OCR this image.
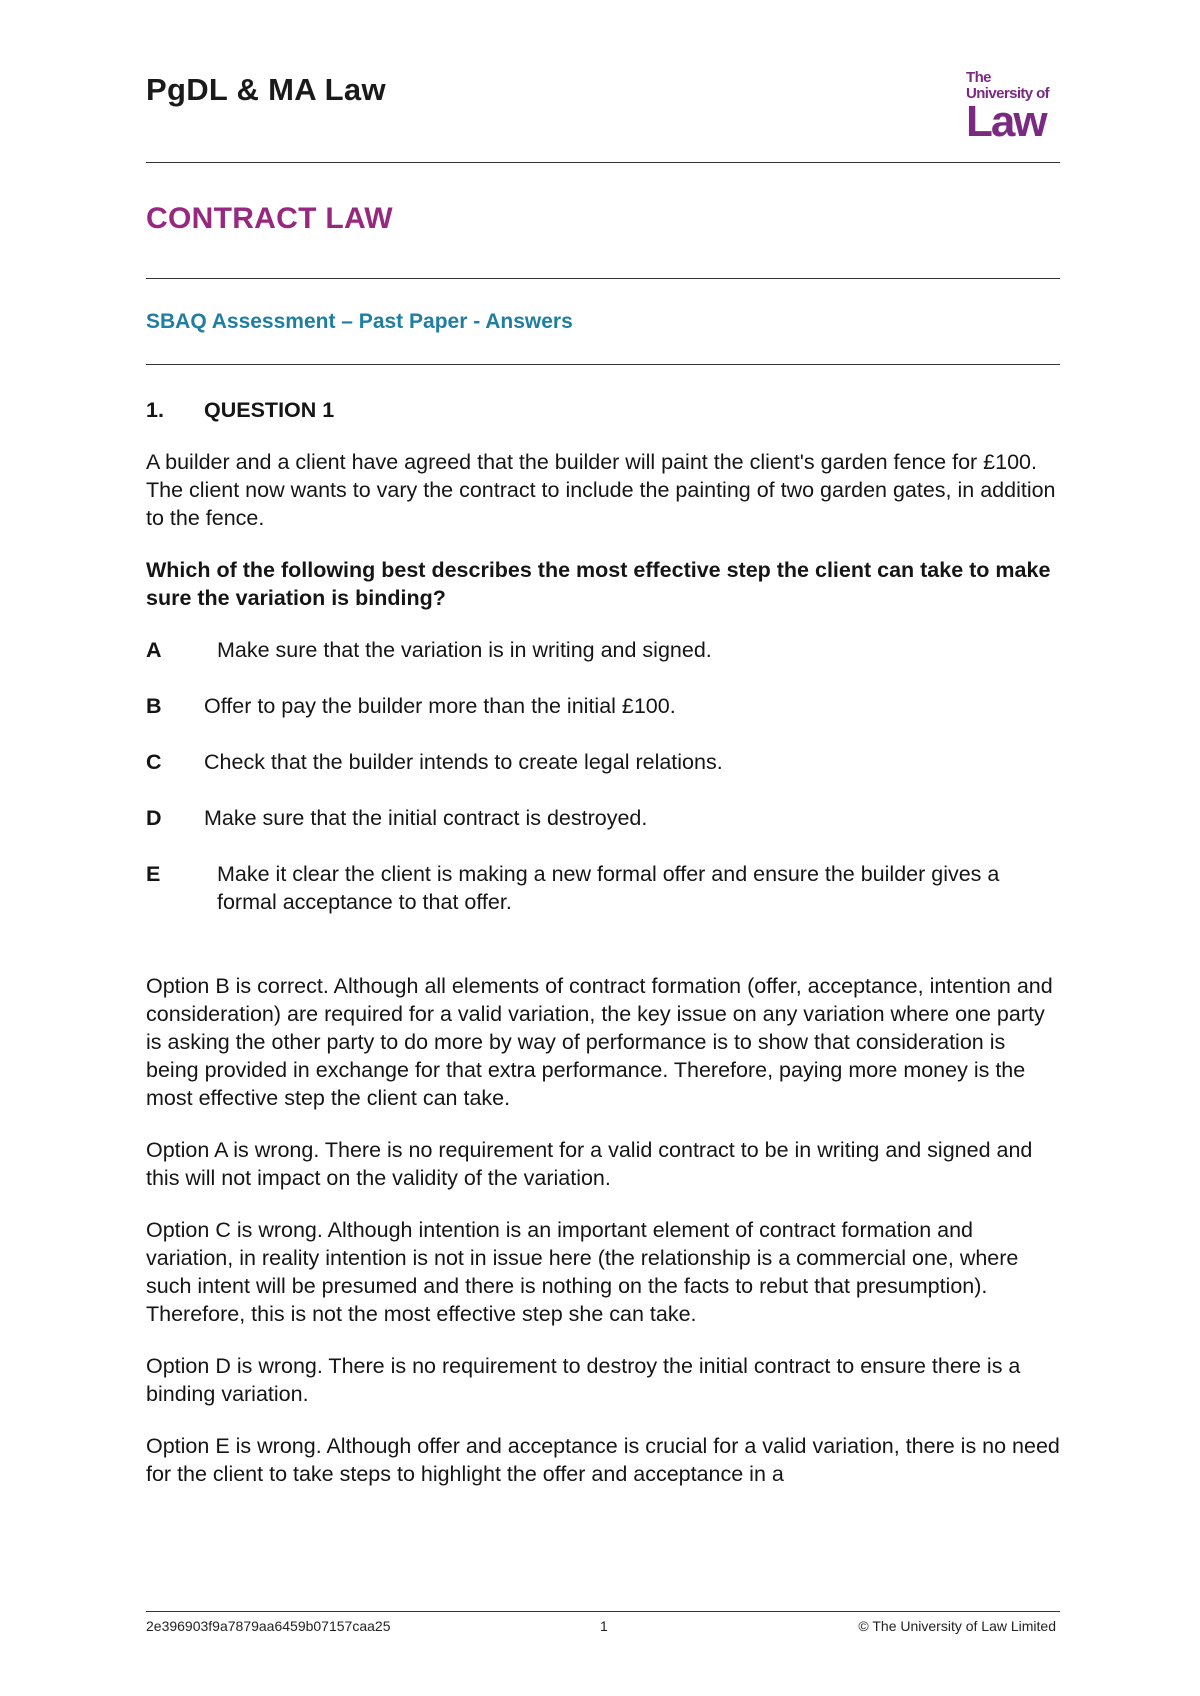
PgDL & MA Law	The
University of
Law
CONTRACT LAW
SBAQ Assessment – Past Paper - Answers
1.	QUESTION 1

A builder and a client have agreed that the builder will paint the client's garden fence for £100. The client now wants to vary the contract to include the painting of two garden gates, in addition to the fence.

Which of the following best describes the most effective step the client can take to make sure the variation is binding?

A	Make sure that the variation is in writing and signed.
B	Offer to pay the builder more than the initial £100.
C	Check that the builder intends to create legal relations.
D	Make sure that the initial contract is destroyed.
E	Make it clear the client is making a new formal offer and ensure the builder gives a formal acceptance to that offer.

Option B is correct. Although all elements of contract formation (offer, acceptance, intention and consideration) are required for a valid variation, the key issue on any variation where one party is asking the other party to do more by way of performance is to show that consideration is being provided in exchange for that extra performance. Therefore, paying more money is the most effective step the client can take.

Option A is wrong. There is no requirement for a valid contract to be in writing and signed and this will not impact on the validity of the variation.

Option C is wrong. Although intention is an important element of contract formation and variation, in reality intention is not in issue here (the relationship is a commercial one, where such intent will be presumed and there is nothing on the facts to rebut that presumption). Therefore, this is not the most effective step she can take.

Option D is wrong. There is no requirement to destroy the initial contract to ensure there is a binding variation.

Option E is wrong. Although offer and acceptance is crucial for a valid variation, there is no need for the client to take steps to highlight the offer and acceptance in a

2e396903f9a7879aa6459b07157caa25	1	© The University of Law Limited
